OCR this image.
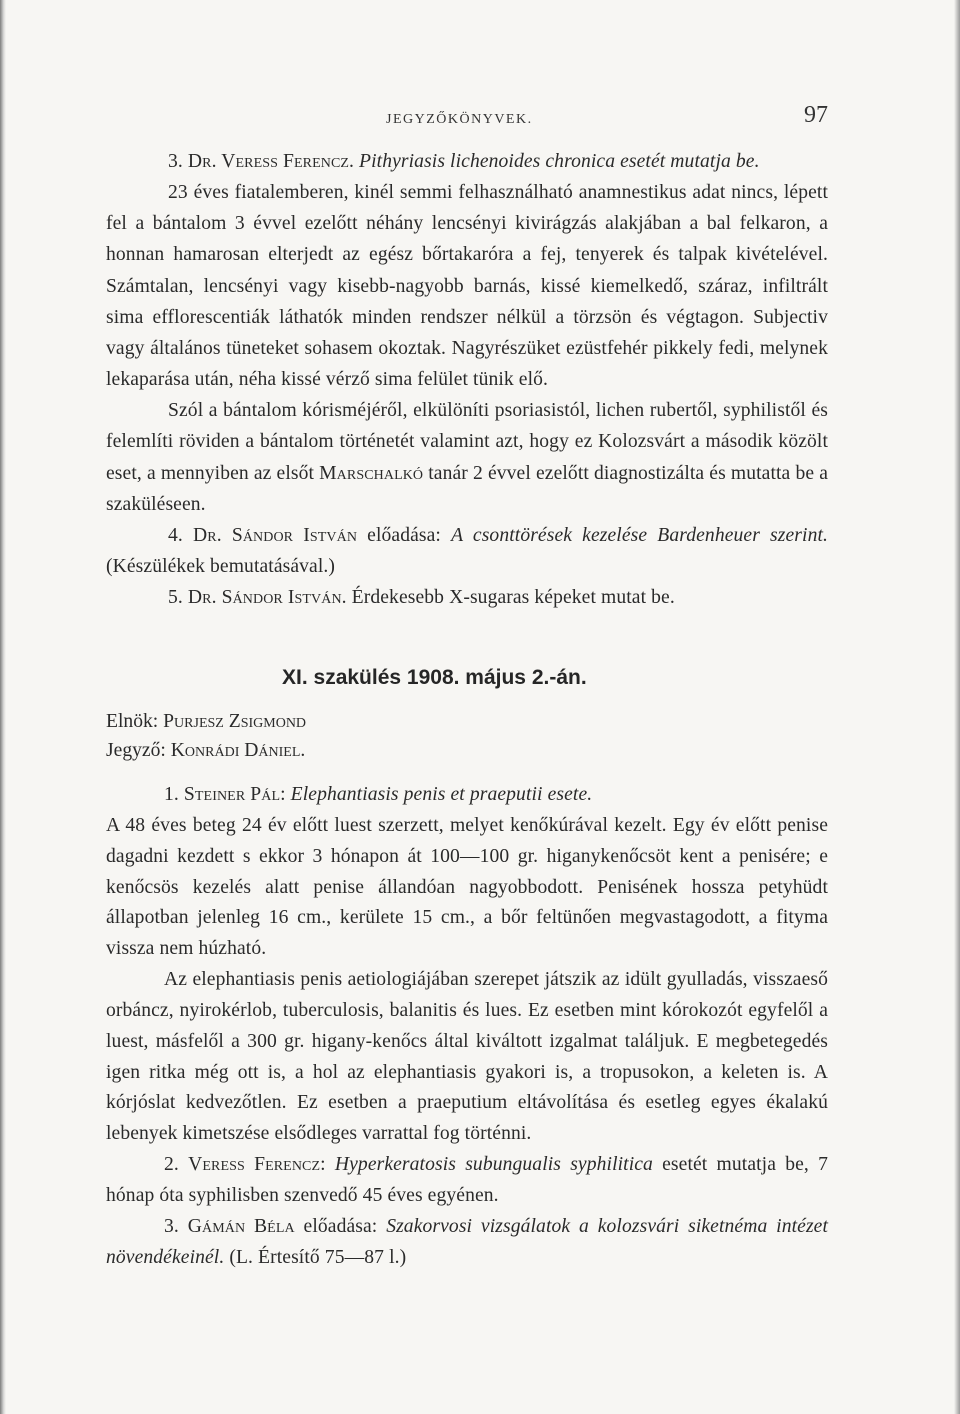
JEGYZŐKÖNYVEK.	97

3. Dr. Veress Ferencz. Pithyriasis lichenoides chronica esetét mutatja be.

23 éves fiatalemberen, kinél semmi felhasználható anamnestikus adat nincs, lépett fel a bántalom 3 évvel ezelőtt néhány lencsényi kivirágzás alakjában a bal felkaron, a honnan hamarosan elterjedt az egész bőrtakaróra a fej, tenyerek és talpak kivételével. Számtalan, lencsényi vagy kisebb-nagyobb barnás, kissé kiemelkedő, száraz, infiltrált sima efflorescentiák láthatók minden rendszer nélkül a törzsön és végtagon. Subjectiv vagy általános tüneteket sohasem okoztak. Nagyrészüket ezüstfehér pikkely fedi, melynek lekaparása után, néha kissé vérző sima felület tünik elő.

Szól a bántalom kórisméjéről, elkülöníti psoriasistól, lichen rubertől, syphilistől és felemlíti röviden a bántalom történetét valamint azt, hogy ez Kolozsvárt a második közölt eset, a mennyiben az elsőt Marschalkó tanár 2 évvel ezelőtt diagnostizálta és mutatta be a szaküléseen.

4. Dr. Sándor István előadása: A csonttörések kezelése Bardenheuer szerint. (Készülékek bemutatásával.)

5. Dr. Sándor István. Érdekesebb X-sugaras képeket mutat be.

XI. szakülés 1908. május 2.-án.

Elnök: Purjesz Zsigmond

Jegyző: Konrádi Dániel.

1. Steiner Pál: Elephantiasis penis et praeputii esete.

A 48 éves beteg 24 év előtt luest szerzett, melyet kenőkúrával kezelt. Egy év előtt penise dagadni kezdett s ekkor 3 hónapon át 100—100 gr. higanykenőcsöt kent a penisére; e kenőcsös kezelés alatt penise állandóan nagyobbodott. Penisének hossza petyhüdt állapotban jelenleg 16 cm., kerülete 15 cm., a bőr feltünően megvastagodott, a fityma vissza nem húzható.

Az elephantiasis penis aetiologiájában szerepet játszik az idült gyulladás, visszaeső orbáncz, nyirokérlob, tuberculosis, balanitis és lues. Ez esetben mint kórokozót egyfelől a luest, másfelől a 300 gr. higany-kenőcs által kiváltott izgalmat találjuk. E megbetegedés igen ritka még ott is, a hol az elephantiasis gyakori is, a tropusokon, a keleten is. A kórjóslat kedvezőtlen. Ez esetben a praeputium eltávolítása és esetleg egyes ékalakú lebenyek kimetszése elsődleges varrattal fog történni.

2. Veress Ferencz: Hyperkeratosis subungualis syphilitica esetét mutatja be, 7 hónap óta syphilisben szenvedő 45 éves egyénen.

3. Gámán Béla előadása: Szakorvosi vizsgálatok a kolozsvári siketnéma intézet növendékeinél. (L. Értesítő 75—87 l.)
